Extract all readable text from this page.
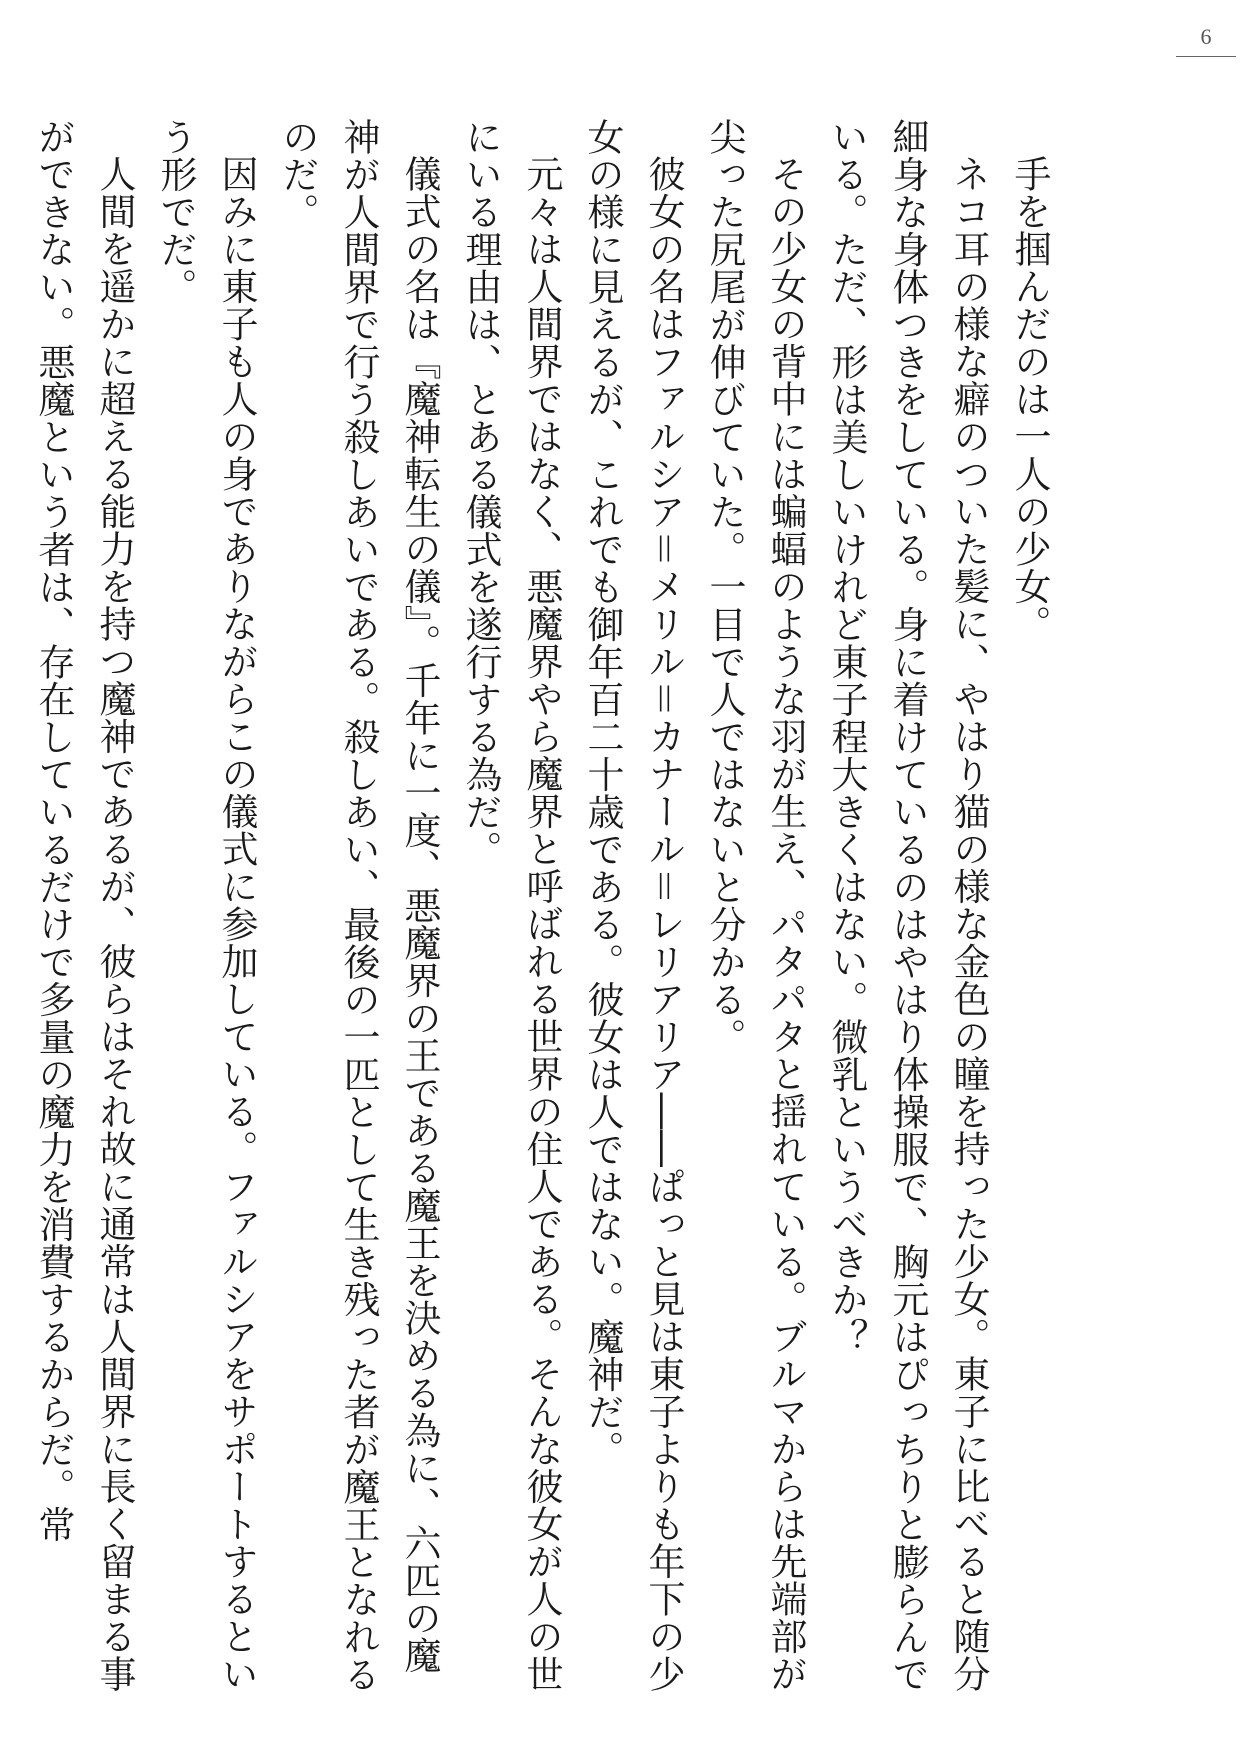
6

手を掴んだのは一人の少女。

ネコ耳の様な癖のついた髪に、やはり猫の様な金色の瞳を持った少女。東子に比べると随分細身な身体つきをしている。身に着けているのはやはり体操服で、胸元はぴっちりと膨らんでいる。ただ、形は美しいけれど東子程大きくはない。微乳というべきか？

その少女の背中には蝙蝠のような羽が生え、パタパタと揺れている。ブルマからは先端部が尖った尻尾が伸びていた。一目で人ではないと分かる。

彼女の名はファルシア＝メリル＝カナール＝レリアリア――ぱっと見は東子よりも年下の少女の様に見えるが、これでも御年百二十歳である。彼女は人ではない。魔神だ。

元々は人間界ではなく、悪魔界やら魔界と呼ばれる世界の住人である。そんな彼女が人の世にいる理由は、とある儀式を遂行する為だ。

儀式の名は『魔神転生の儀』。千年に一度、悪魔界の王である魔王を決める為に、六匹の魔神が人間界で行う殺しあいである。殺しあい、最後の一匹として生き残った者が魔王となれるのだ。

因みに東子も人の身でありながらこの儀式に参加している。ファルシアをサポートするという形でだ。

人間を遥かに超える能力を持つ魔神であるが、彼らはそれ故に通常は人間界に長く留まる事ができない。悪魔という者は、存在しているだけで多量の魔力を消費するからだ。常
